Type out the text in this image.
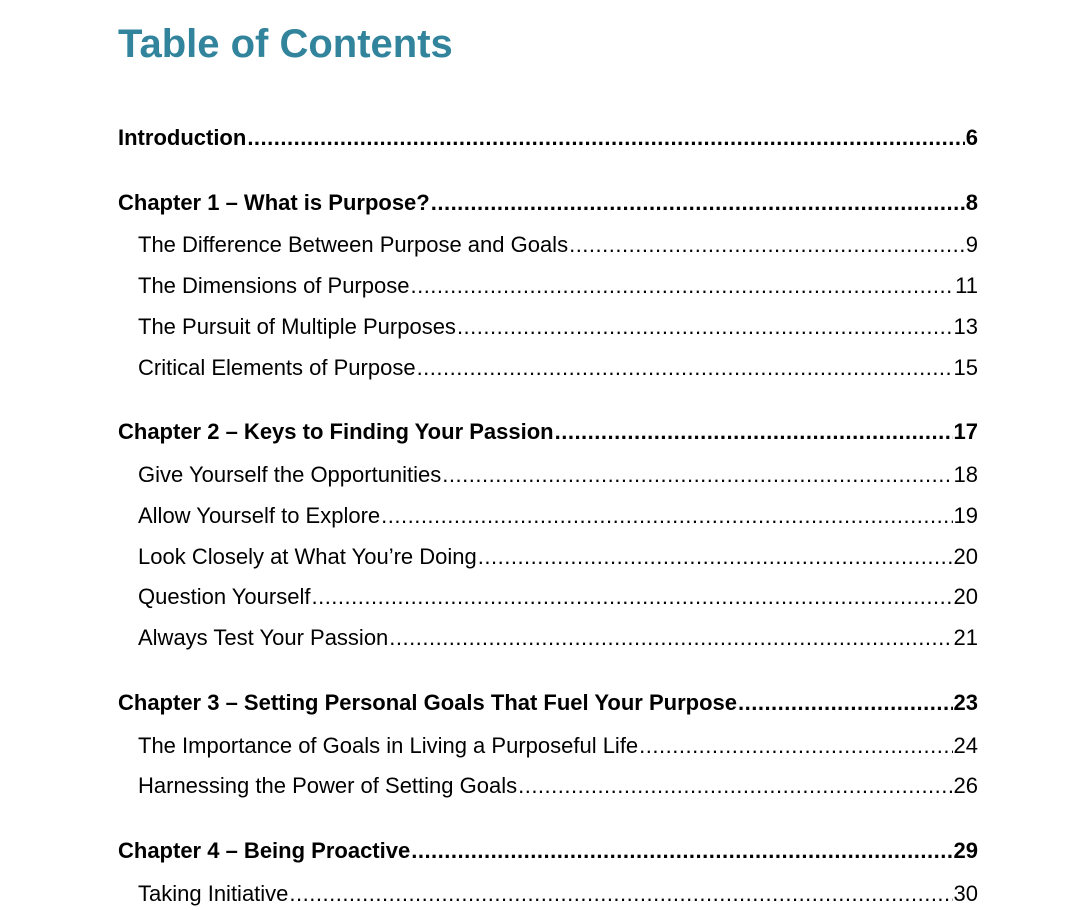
Table of Contents
Introduction .....	6
Chapter 1 – What is Purpose? .....	8
The Difference Between Purpose and Goals .....	9
The Dimensions of Purpose .....	11
The Pursuit of Multiple Purposes .....	13
Critical Elements of Purpose .....	15
Chapter 2 – Keys to Finding Your Passion .....	17
Give Yourself the Opportunities .....	18
Allow Yourself to Explore .....	19
Look Closely at What You’re Doing .....	20
Question Yourself .....	20
Always Test Your Passion .....	21
Chapter 3 – Setting Personal Goals That Fuel Your Purpose .....	23
The Importance of Goals in Living a Purposeful Life .....	24
Harnessing the Power of Setting Goals .....	26
Chapter 4 – Being Proactive .....	29
Taking Initiative .....	30
